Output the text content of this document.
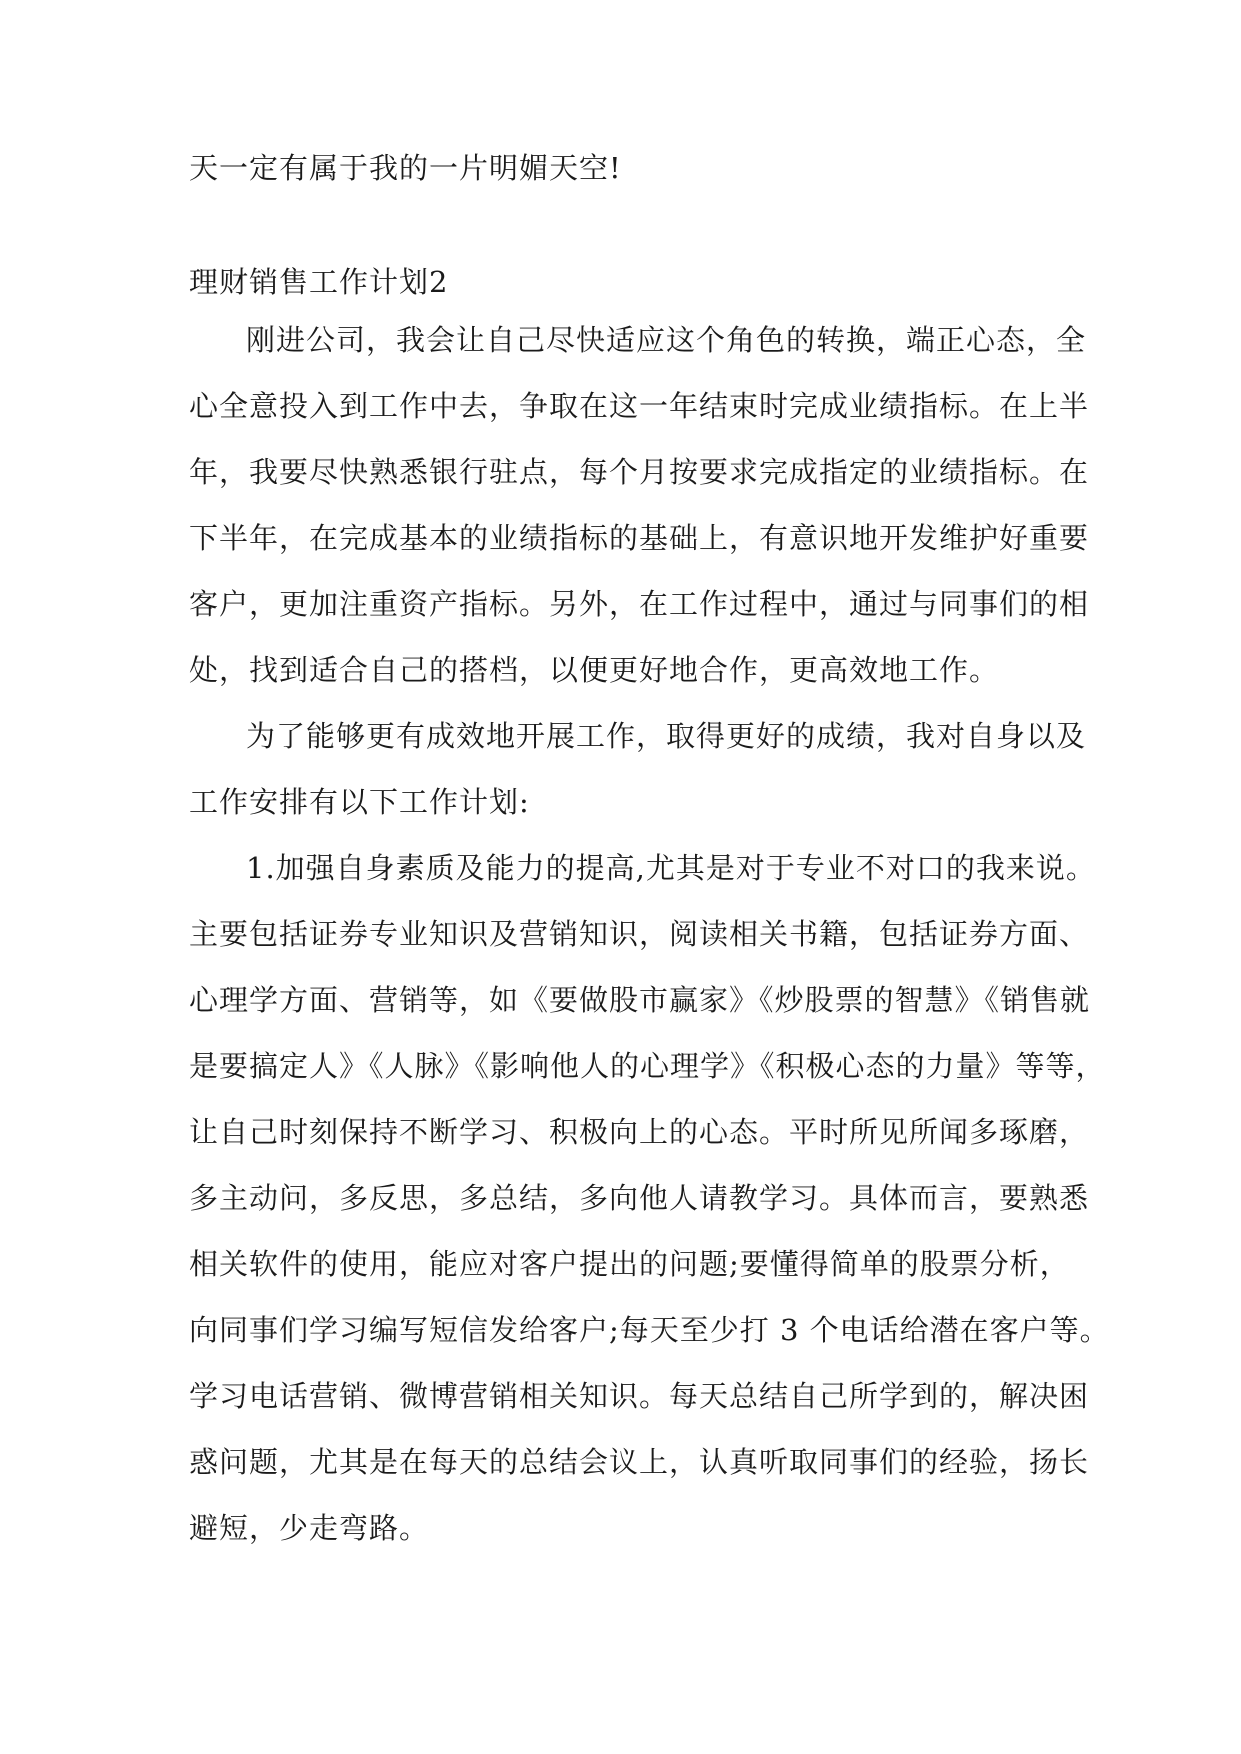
天一定有属于我的一片明媚天空!
理财销售工作计划2
刚进公司，我会让自己尽快适应这个角色的转换，端正心态，全
心全意投入到工作中去，争取在这一年结束时完成业绩指标。在上半
年，我要尽快熟悉银行驻点，每个月按要求完成指定的业绩指标。在
下半年，在完成基本的业绩指标的基础上，有意识地开发维护好重要
客户，更加注重资产指标。另外，在工作过程中，通过与同事们的相
处，找到适合自己的搭档，以便更好地合作，更高效地工作。
为了能够更有成效地开展工作，取得更好的成绩，我对自身以及
工作安排有以下工作计划:
1.加强自身素质及能力的提高,尤其是对于专业不对口的我来说。
主要包括证券专业知识及营销知识，阅读相关书籍，包括证券方面、
心理学方面、营销等，如《要做股市赢家》《炒股票的智慧》《销售就
是要搞定人》《人脉》《影响他人的心理学》《积极心态的力量》等等，
让自己时刻保持不断学习、积极向上的心态。平时所见所闻多琢磨，
多主动问，多反思，多总结，多向他人请教学习。具体而言，要熟悉
相关软件的使用，能应对客户提出的问题;要懂得简单的股票分析，
向同事们学习编写短信发给客户;每天至少打 3 个电话给潜在客户等。
学习电话营销、微博营销相关知识。每天总结自己所学到的，解决困
惑问题，尤其是在每天的总结会议上，认真听取同事们的经验，扬长
避短，少走弯路。
